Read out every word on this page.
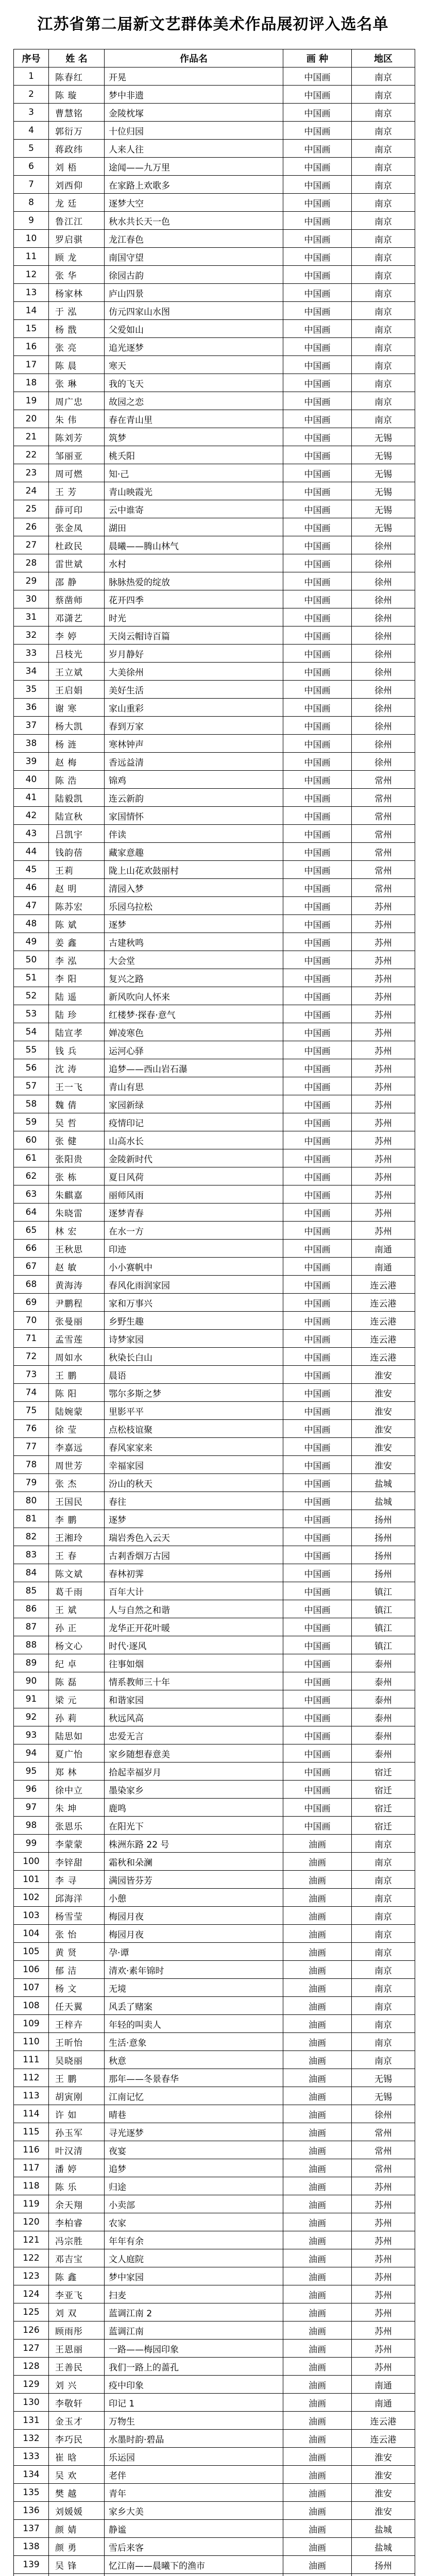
江苏省第二届新文艺群体美术作品展初评入选名单
序号	姓 名	作品名	画 种	地区
1	陈春红	开晃	中国画	南京
2	陈 璇	梦中非遗	中国画	南京
3	曹慧铭	金陵枕塚	中国画	南京
4	郭衍万	十位归园	中国画	南京
5	蒋政纬	人来人往	中国画	南京
6	刘 梧	途闻——九万里	中国画	南京
7	刘西仰	在家路上欢歌多	中国画	南京
8	龙 廷	逐梦大空	中国画	南京
9	鲁江江	秋水共长天一色	中国画	南京
10	罗启骐	龙江春色	中国画	南京
11	顾 龙	南国守望	中国画	南京
12	张 华	徐园古韵	中国画	南京
13	杨家林	庐山四景	中国画	南京
14	于 泓	仿元四家山水图	中国画	南京
15	杨 戬	父爱如山	中国画	南京
16	张 亮	追光逐梦	中国画	南京
17	陈 晨	寒天	中国画	南京
18	张 琳	我的飞天	中国画	南京
19	周广忠	故园之恋	中国画	南京
20	朱 伟	春在青山里	中国画	南京
21	陈刘芳	筑梦	中国画	无锡
22	邹丽亚	桃夭阳	中国画	无锡
23	周可燃	知·己	中国画	无锡
24	王 芳	青山映霞光	中国画	无锡
25	薛可印	云中谁寄	中国画	无锡
26	张金凤	湖田	中国画	无锡
27	杜政民	晨曦——腾山林气	中国画	徐州
28	雷世斌	水村	中国画	徐州
29	邵 静	脉脉热爱的绽放	中国画	徐州
30	蔡凿师	花开四季	中国画	徐州
31	邓潇艺	时光	中国画	徐州
32	李 婷	天岗云帽诗百篇	中国画	徐州
33	吕枝光	岁月静好	中国画	徐州
34	王立斌	大美徐州	中国画	徐州
35	王启娟	美好生活	中国画	徐州
36	谢 寒	家山重彩	中国画	徐州
37	杨大凯	春到万家	中国画	徐州
38	杨 涟	寒林钟声	中国画	徐州
39	赵 梅	香远益清	中国画	徐州
40	陈 浩	锦鸡	中国画	常州
41	陆毅凯	连云新韵	中国画	常州
42	陆宣秋	家国情怀	中国画	常州
43	吕凯宇	伴读	中国画	常州
44	钱韵蓓	藏家意趣	中国画	常州
45	王莉	陇上山花欢鼓丽村	中国画	常州
46	赵 明	清园入梦	中国画	常州
47	陈苏宏	乐园乌拉松	中国画	苏州
48	陈 斌	逐梦	中国画	苏州
49	姜 鑫	古建秋鸣	中国画	苏州
50	李 泓	大会堂	中国画	苏州
51	李 阳	复兴之路	中国画	苏州
52	陆 遥	新风吹向人怀来	中国画	苏州
53	陆 珍	红楼梦·探春·意气	中国画	苏州
54	陆宣孝	婵凌寒色	中国画	苏州
55	钱 兵	运河心驿	中国画	苏州
56	沈 涛	追梦——西山岩石瀑	中国画	苏州
57	王一飞	青山有思	中国画	苏州
58	魏 倩	家园新绿	中国画	苏州
59	吴 哲	疫情印记	中国画	苏州
60	张 健	山高水长	中国画	苏州
61	张阳贵	金陵新时代	中国画	苏州
62	张 栋	夏日风荷	中国画	苏州
63	朱麒嘉	丽师风雨	中国画	苏州
64	朱晓雷	逐梦青春	中国画	苏州
65	林 宏	在水一方	中国画	苏州
66	王秋思	印迹	中国画	南通
67	赵 敏	小小赛帆中	中国画	南通
68	黄海涛	春风化雨润家园	中国画	连云港
69	尹鹏程	家和万事兴	中国画	连云港
70	张曼丽	乡野生趣	中国画	连云港
71	孟雪莲	诗梦家园	中国画	连云港
72	周如水	秋染长白山	中国画	连云港
73	王 鹏	晨语	中国画	淮安
74	陈 阳	鄂尔多斯之梦	中国画	淮安
75	陆婉蒙	里影平平	中国画	淮安
76	徐 莹	点松枝谊聚	中国画	淮安
77	李嘉远	春风家家来	中国画	淮安
78	周世芳	幸福家园	中国画	淮安
79	张 杰	汾山的秋天	中国画	盐城
80	王国民	春往	中国画	盐城
81	李 鹏	逐梦	中国画	扬州
82	王湘玲	瑞岩秀色入云天	中国画	扬州
83	王 春	古剎香烟万古园	中国画	扬州
84	陈文斌	春林初霁	中国画	扬州
85	葛千雨	百年大计	中国画	镇江
86	王 斌	人与自然之和谐	中国画	镇江
87	孙 正	龙华正开花叶暖	中国画	镇江
88	杨文心	时代·逐风	中国画	镇江
89	纪 卓	往事如烟	中国画	泰州
90	陈 磊	情系教师三十年	中国画	泰州
91	梁 元	和谐家园	中国画	泰州
92	孙 莉	秋远风高	中国画	泰州
93	陆思如	忠爱无言	中国画	泰州
94	夏广怡	家乡随想春意美	中国画	泰州
95	郑 林	拾起幸福岁月	中国画	宿迁
96	徐中立	墨染家乡	中国画	宿迁
97	朱 坤	鹿鸣	中国画	宿迁
98	张恩乐	在阳光下	中国画	宿迁
99	李蒙蒙	株洲东路 22 号	油画	南京
100	李锌甜	霜秋和朵澜	油画	南京
101	李 寻	满园皆芬芳	油画	南京
102	邱海洋	小憩	油画	南京
103	杨雪莹	梅园月夜	油画	南京
104	张 怡	梅园月夜	油画	南京
105	黄 贤	孕·谭	油画	南京
106	郁 洁	清欢·素年锦时	油画	南京
107	杨 文	无境	油画	南京
108	任天翼	风丢了赌案	油画	南京
109	王梓卉	年轻的叫卖人	油画	南京
110	王昕怡	生活·意象	油画	南京
111	吴晓丽	秋意	油画	南京
112	王 鹏	那年——冬景春华	油画	无锡
113	胡寅刚	江南记忆	油画	无锡
114	许 如	晴巷	油画	徐州
115	孙玉军	寻光逐梦	油画	常州
116	叶汉清	夜宴	油画	常州
117	潘 婷	追梦	油画	常州
118	陈 乐	归途	油画	苏州
119	余天翔	小卖部	油画	苏州
120	李柏睿	农家	油画	苏州
121	冯宗胜	年年有余	油画	苏州
122	邓吉宝	文人庭院	油画	苏州
123	陈 鑫	梦中家园	油画	苏州
124	李亚飞	扫麦	油画	苏州
125	刘 双	蓝调江南 2	油画	苏州
126	顾雨彤	蓝调江南	油画	苏州
127	王恩丽	一路——梅园印象	油画	苏州
128	王善民	我们一路上的蔷孔	油画	苏州
129	刘 兴	疫中印象	油画	南通
130	李敬轩	印记 1	油画	南通
131	金玉才	万物生	油画	连云港
132	李巧民	水墨时韵·碧晶	油画	连云港
133	崔 晗	乐运园	油画	淮安
134	吴 欢	老伴	油画	淮安
135	樊 越	青年	油画	淮安
136	刘媛媛	家乡大美	油画	淮安
137	颜 婧	静谧	油画	盐城
138	颜 勇	雪后来客	油画	盐城
139	吴 锋	忆江南——晨曦下的渔市	油画	扬州
